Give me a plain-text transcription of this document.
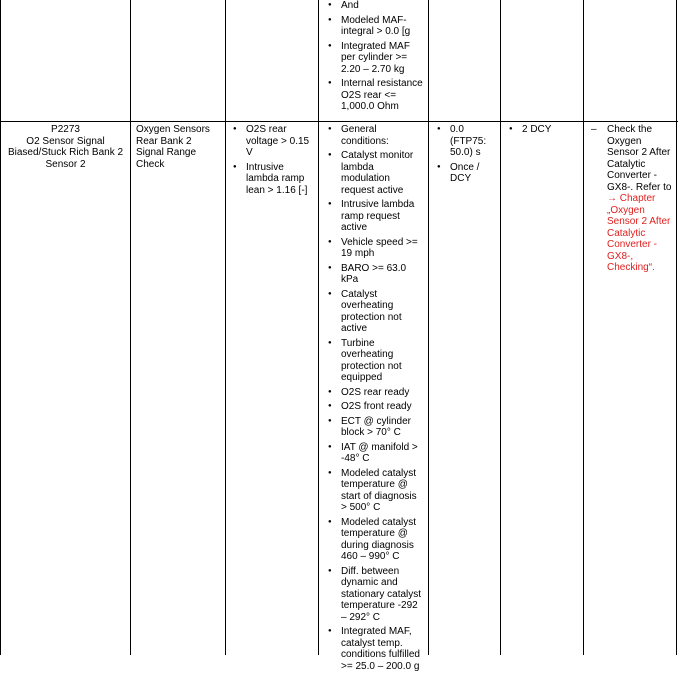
● And
● Modeled MAF-integral > 0.0 [g
● Integrated MAF per cylinder >= 2.20 – 2.70 kg
● Internal resistance O2S rear <= 1,000.0 Ohm
P2273
O2 Sensor Signal Biased/Stuck Rich Bank 2 Sensor 2
Oxygen Sensors Rear Bank 2 Signal Range Check
● O2S rear voltage > 0.15 V
● Intrusive lambda ramp lean > 1.16 [-]
● General conditions:
● Catalyst monitor lambda modulation request active
● Intrusive lambda ramp request active
● Vehicle speed >= 19 mph
● BARO >= 63.0 kPa
● Catalyst overheating protection not active
● Turbine overheating protection not equipped
● O2S rear ready
● O2S front ready
● ECT @ cylinder block > 70° C
● IAT @ manifold > -48° C
● Modeled catalyst temperature @ start of diagnosis > 500° C
● Modeled catalyst temperature @ during diagnosis 460 – 990° C
● Diff. between dynamic and stationary catalyst temperature -292 – 292° C
● Integrated MAF, catalyst temp. conditions fulfilled >= 25.0 – 200.0 g
● 0.0 (FTP75: 50.0) s
● Once / DCY
● 2 DCY	– Check the Oxygen Sensor 2 After Catalytic Converter - GX8-. Refer to → Chapter „Oxygen Sensor 2 After Catalytic Converter - GX8-, Checking“.
